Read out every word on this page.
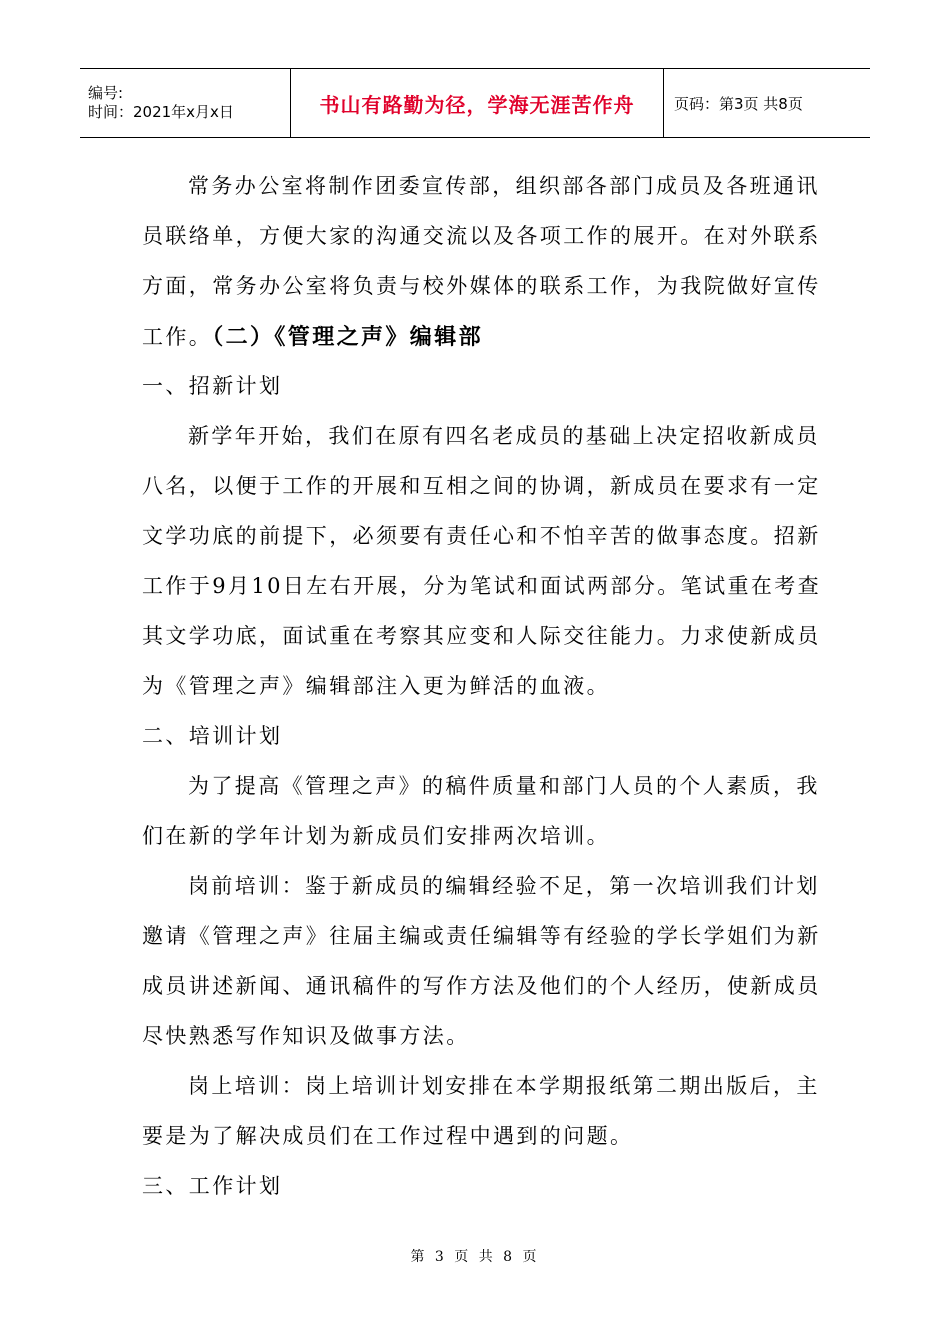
编号:
时间：2021年x月x日	书山有路勤为径，学海无涯苦作舟	页码：第3页 共8页

常务办公室将制作团委宣传部，组织部各部门成员及各班通讯

员联络单，方便大家的沟通交流以及各项工作的展开。在对外联系

方面，常务办公室将负责与校外媒体的联系工作，为我院做好宣传

工作。（二）《管理之声》编辑部

一、招新计划

新学年开始，我们在原有四名老成员的基础上决定招收新成员

八名，以便于工作的开展和互相之间的协调，新成员在要求有一定

文学功底的前提下，必须要有责任心和不怕辛苦的做事态度。招新

工作于9月10日左右开展，分为笔试和面试两部分。笔试重在考查

其文学功底，面试重在考察其应变和人际交往能力。力求使新成员

为《管理之声》编辑部注入更为鲜活的血液。

二、培训计划

为了提高《管理之声》的稿件质量和部门人员的个人素质，我

们在新的学年计划为新成员们安排两次培训。

岗前培训：鉴于新成员的编辑经验不足，第一次培训我们计划

邀请《管理之声》往届主编或责任编辑等有经验的学长学姐们为新

成员讲述新闻、通讯稿件的写作方法及他们的个人经历，使新成员

尽快熟悉写作知识及做事方法。

岗上培训：岗上培训计划安排在本学期报纸第二期出版后，主

要是为了解决成员们在工作过程中遇到的问题。

三、工作计划

第 3 页 共 8 页
